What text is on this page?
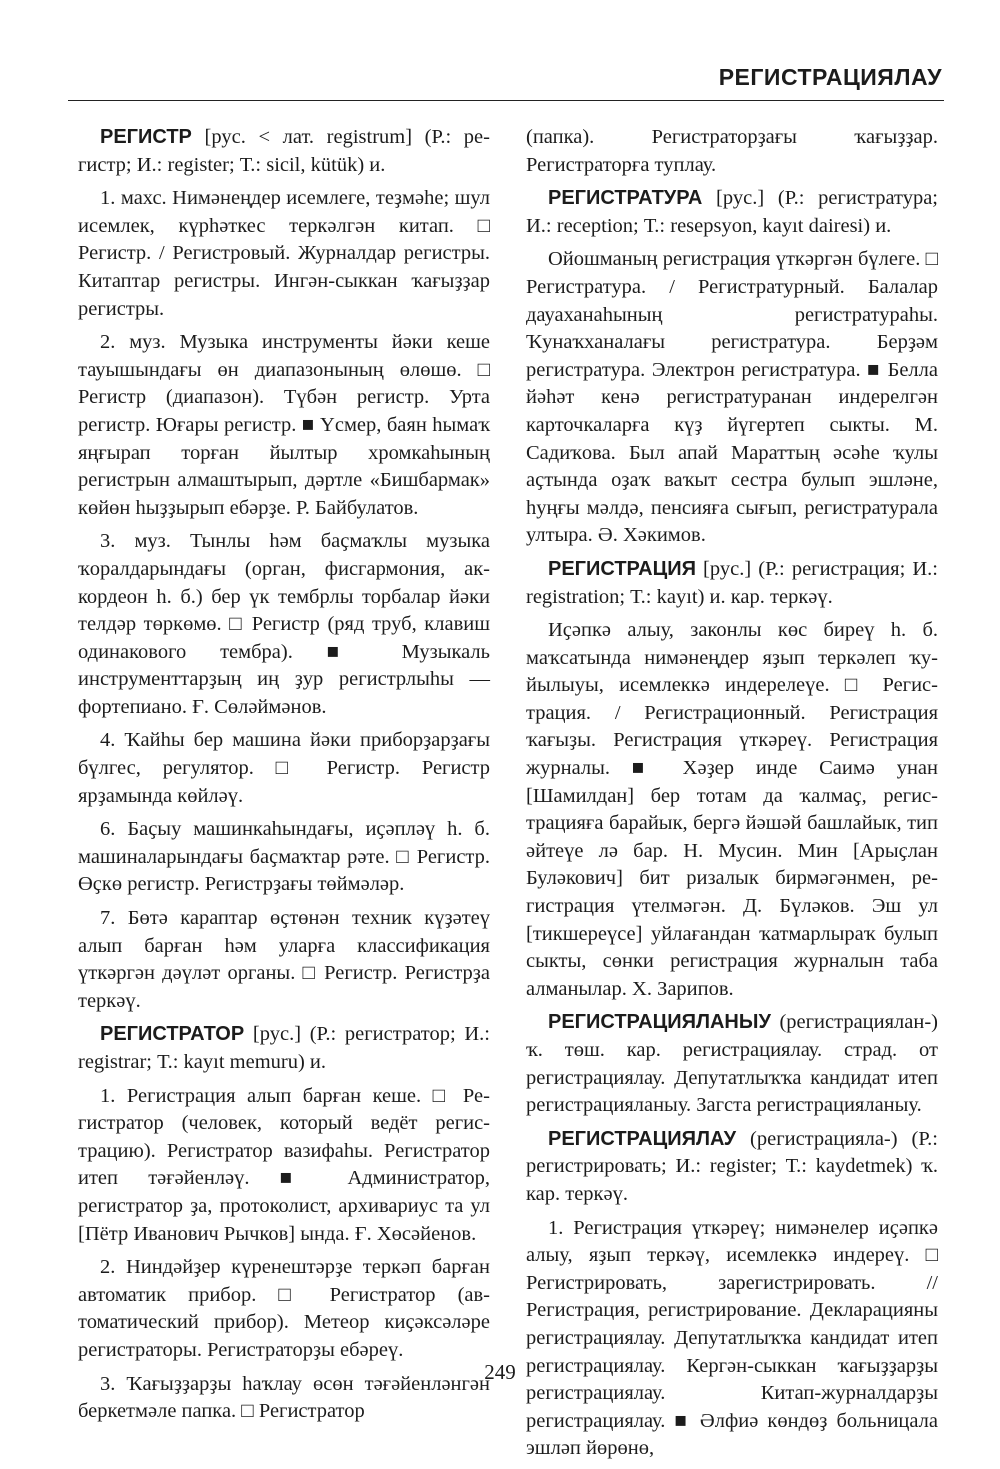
РЕГИСТРАЦИЯЛАУ

РЕГИСТР [рус. < лат. registrum] (Р.: регистр; И.: register; Т.: sicil, kütük) и.

1. махс. Нимәнеңдер исемлеге, теҙмәһе; шул исемлек, күрһәткес теркәлгән китап. □ Регистр. / Регистровый. Журналдар регистры. Китаптар регистры. Ингән-сыккан ҡағыҙҙар регистры.

2. муз. Музыка инструменты йәки кеше тауышындағы өн диапазонының өлөшө. □ Регистр (диапазон). Түбән регистр. Урта регистр. Юғары регистр. ■ Үсмер, баян һымаҡ яңғырап торған йылтыр хромкаһының регистрын алмаштырып, дәртле «Бишбармак» көйөн һыҙҙырып ебәрҙе. Р. Байбулатов.

3. муз. Тынлы һәм баҫмаҡлы музыка ҡоралдарындағы (орган, фисгармония, аккордеон һ. б.) бер үк тембрлы торбалар йәки телдәр төркөмө. □ Регистр (ряд труб, клавиш одинакового тембра). ■ Музыкаль инструменттарҙың иң ҙур регистрлыһы — фортепиано. Ғ. Сөләймәнов.

4. Ҡайһы бер машина йәки приборҙарҙағы бүлгес, регулятор. □ Регистр. Регистр ярҙамында көйләү.

6. Баҫыу машинкаһындағы, иҫәпләү һ. б. машиналарындағы баҫмаҡтар рәте. □ Регистр. Өҫкө регистр. Регистрҙағы төймәләр.

7. Бөтә караптар өҫтөнән техник күҙәтеү алып барған һәм уларға классификация үткәргән дәүләт органы. □ Регистр. Регистрҙа теркәү.

РЕГИСТРАТОР [рус.] (Р.: регистратор; И.: registrar; Т.: kayıt memuru) и.

1. Регистрация алып барған кеше. □ Регистратор (человек, который ведёт регистрацию). Регистратор вазифаһы. Регистратор итеп тәғәйенләү. ■ Администратор, регистратор ҙа, протоколист, архивариус та ул [Пётр Иванович Рычков] ында. Ғ. Хөсәйенов.

2. Ниндәйҙер күренештәрҙе теркәп барған автоматик прибор. □ Регистратор (автоматический прибор). Метеор киҫәксәләре регистраторы. Регистраторҙы ебәреү.

3. Ҡағыҙҙарҙы һаҡлау өсөн тәғәйенләнгән беркетмәле папка. □ Регистратор

(папка). Регистраторҙағы ҡағыҙҙар. Регистраторға туплау.

РЕГИСТРАТУРА [рус.] (Р.: регистратура; И.: reception; Т.: resepsyon, kayıt dairesi) и.

Ойошманың регистрация үткәргән бүлеге. □ Регистратура. / Регистратурный. Балалар дауаханаһының регистратураһы. Ҡунаҡханалағы регистратура. Берҙәм регистратура. Электрон регистратура. ■ Белла йәһәт кенә регистратуранан индерелгән карточкаларға күҙ йүгертеп сыкты. М. Садиҡова. Был апай Мараттың әсәһе ҡулы аҫтында оҙаҡ ваҡыт сестра булып эшләне, һуңғы мәлдә, пенсияға сығып, регистратурала ултыра. Ә. Хәкимов.

РЕГИСТРАЦИЯ [рус.] (Р.: регистрация; И.: registration; Т.: kayıt) и. кар. теркәү.

Иҫәпкә алыу, законлы көс биреү һ. б. маҡсатында нимәнеңдер яҙып теркәлеп ҡуйылыуы, исемлеккә индерелеүе. □ Регистрация. / Регистрационный. Регистрация ҡағыҙы. Регистрация үткәреү. Регистрация журналы. ■ Хәҙер инде Саимә унан [Шамилдан] бер тотам да ҡалмаҫ, регистрацияға барайык, бергә йәшәй башлайык, тип әйтеүе лә бар. Н. Мусин. Мин [Арыҫлан Буләкович] бит ризалык бирмәгәнмен, регистрация үтелмәгән. Д. Бүләков. Эш ул [тикшереүсе] уйлағандан ҡатмарлыраҡ булып сыкты, сөнки регистрация журналын таба алманылар. Х. Зарипов.

РЕГИСТРАЦИЯЛАНЫУ (регистрациялан-) ҡ. төш. кар. регистрациялау. страд. от регистрациялау. Депутатлыҡҡа кандидат итеп регистрацияланыу. Загста регистрацияланыу.

РЕГИСТРАЦИЯЛАУ (регистрацияла-) (Р.: регистрировать; И.: register; Т.: kaydetmek) ҡ. кар. теркәү.

1. Регистрация үткәреү; нимәнелер иҫәпкә алыу, яҙып теркәү, исемлеккә индереү. □ Регистрировать, зарегистрировать. // Регистрация, регистрирование. Декларацияны регистрациялау. Депутатлыҡҡа кандидат итеп регистрациялау. Кергән-сыккан ҡағыҙҙарҙы регистрациялау. Китап-журналдарҙы регистрациялау. ■ Әлфиә көндөҙ больницала эшләп йөрөнө,

249
